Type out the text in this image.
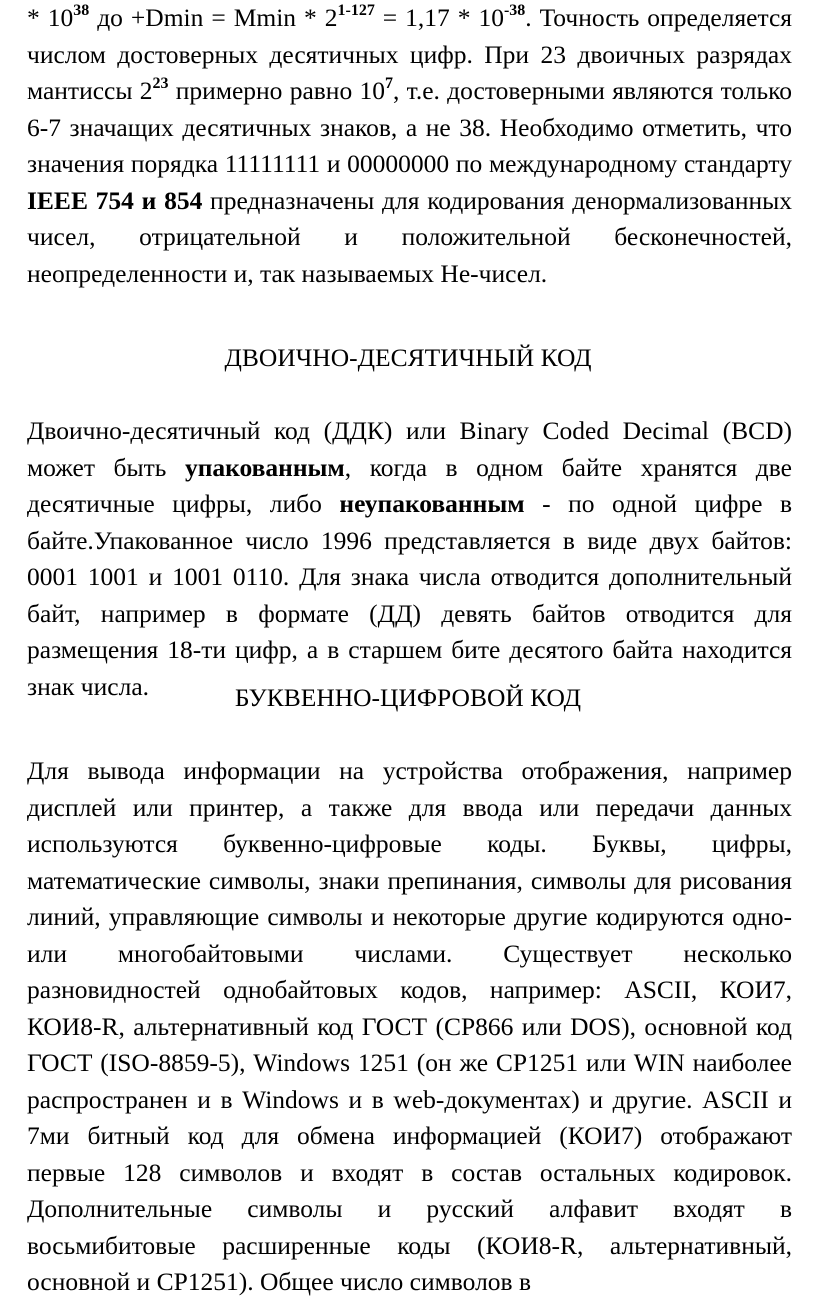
* $10^{38}$ до $+Dmin = Mmin * 2^{1-127} = 1,17 * 10^{-38}$. Точность определяется числом достоверных десятичных цифр. При 23 двоичных разрядах мантиссы $2^{23}$ примерно равно $10^7$, т.е. достоверными являются только 6-7 значащих десятичных знаков, а не 38. Необходимо отметить, что значения порядка 11111111 и 00000000 по международному стандарту IEEE 754 и 854 предназначены для кодирования денормализованных чисел, отрицательной и положительной бесконечностей, неопределенности и, так называемых Не-чисел.

ДВОИЧНО-ДЕСЯТИЧНЫЙ КОД

Двоично-десятичный код (ДДК) или Binary Coded Decimal (BCD) может быть упакованным, когда в одном байте хранятся две десятичные цифры, либо неупакованным - по одной цифре в байте.Упакованное число 1996 представляется в виде двух байтов: 0001 1001 и 1001 0110. Для знака числа отводится дополнительный байт, например в формате (ДД) девять байтов отводится для размещения 18-ти цифр, а в старшем бите десятого байта находится знак числа.	БУКВЕННО-ЦИФРОВОЙ КОД

Для вывода информации на устройства отображения, например дисплей или принтер, а также для ввода или передачи данных используются буквенно-цифровые коды. Буквы, цифры, математические символы, знаки препинания, символы для рисования линий, управляющие символы и некоторые другие кодируются одно- или многобайтовыми числами. Существует несколько разновидностей однобайтовых кодов, например: ASCII, КОИ7, КОИ8-R, альтернативный код ГОСТ (СР866 или DOS), основной код ГОСТ (ISO-8859-5), Windows 1251 (он же СР1251 или WIN наиболее распространен и в Windows и в web-документах) и другие. ASCII и 7ми битный код для обмена информацией (КОИ7) отображают первые 128 символов и входят в состав остальных кодировок. Дополнительные символы и русский алфавит входят в восьмибитовые расширенные коды (КОИ8-R, альтернативный, основной и СР1251). Общее число символов в
